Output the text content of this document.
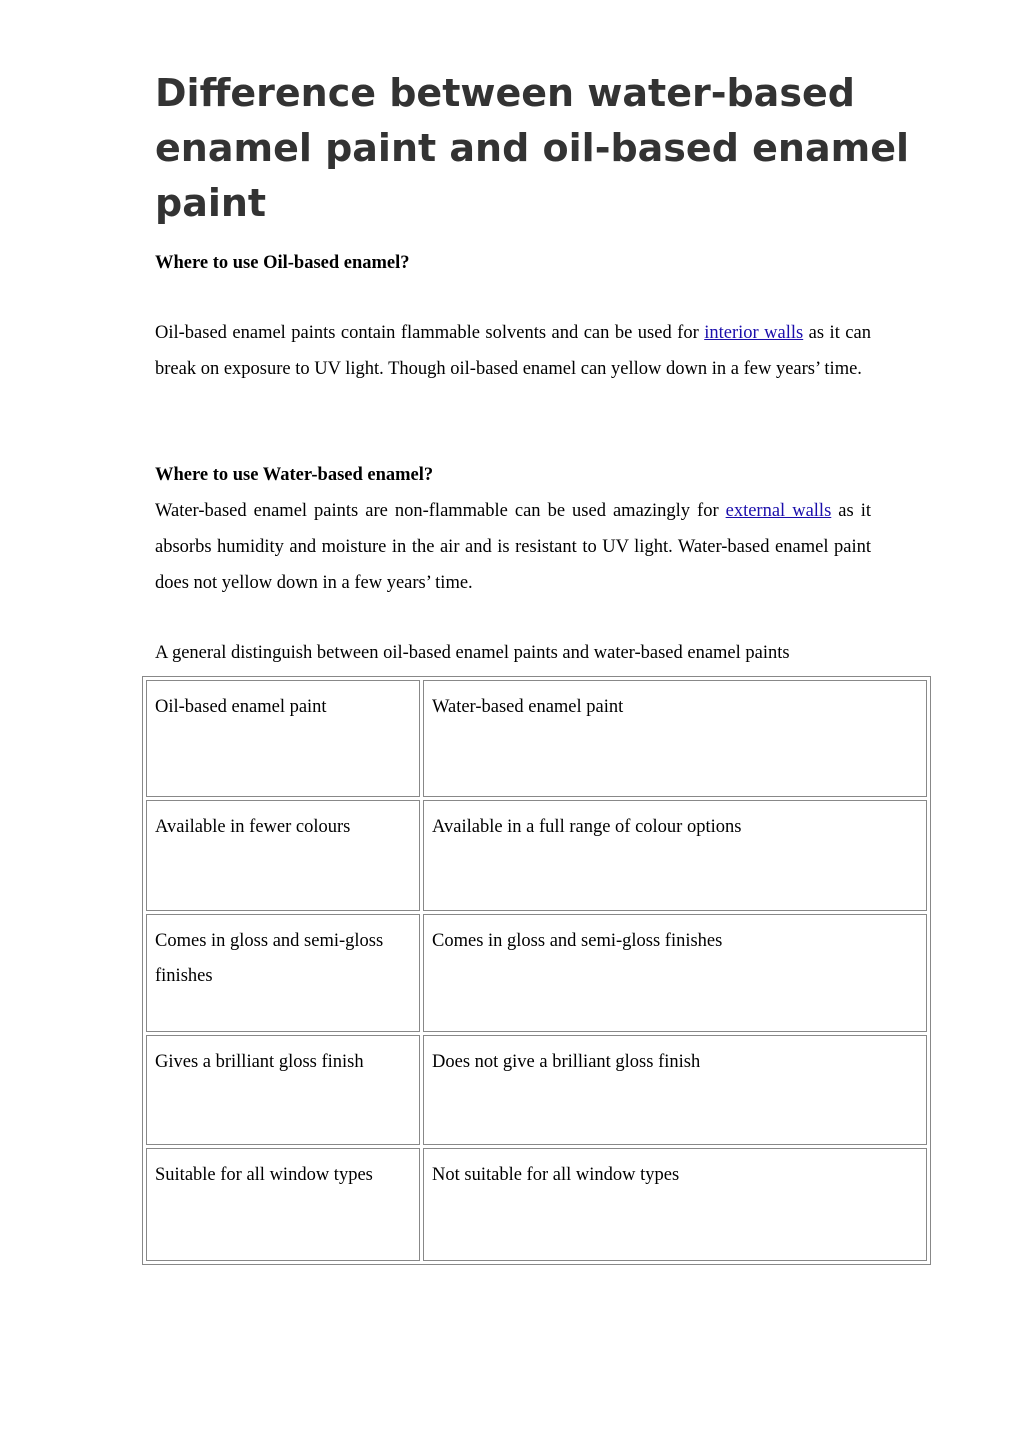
Difference between water-based enamel paint and oil-based enamel paint

Where to use Oil-based enamel?

Oil-based enamel paints contain flammable solvents and can be used for interior walls as it can break on exposure to UV light. Though oil-based enamel can yellow down in a few years’ time.

Where to use Water-based enamel?

Water-based enamel paints are non-flammable can be used amazingly for external walls as it absorbs humidity and moisture in the air and is resistant to UV light. Water-based enamel paint does not yellow down in a few years’ time.

A general distinguish between oil-based enamel paints and water-based enamel paints

Oil-based enamel paint	Water-based enamel paint
Available in fewer colours	Available in a full range of colour options
Comes in gloss and semi-gloss finishes	Comes in gloss and semi-gloss finishes
Gives a brilliant gloss finish	Does not give a brilliant gloss finish
Suitable for all window types	Not suitable for all window types
